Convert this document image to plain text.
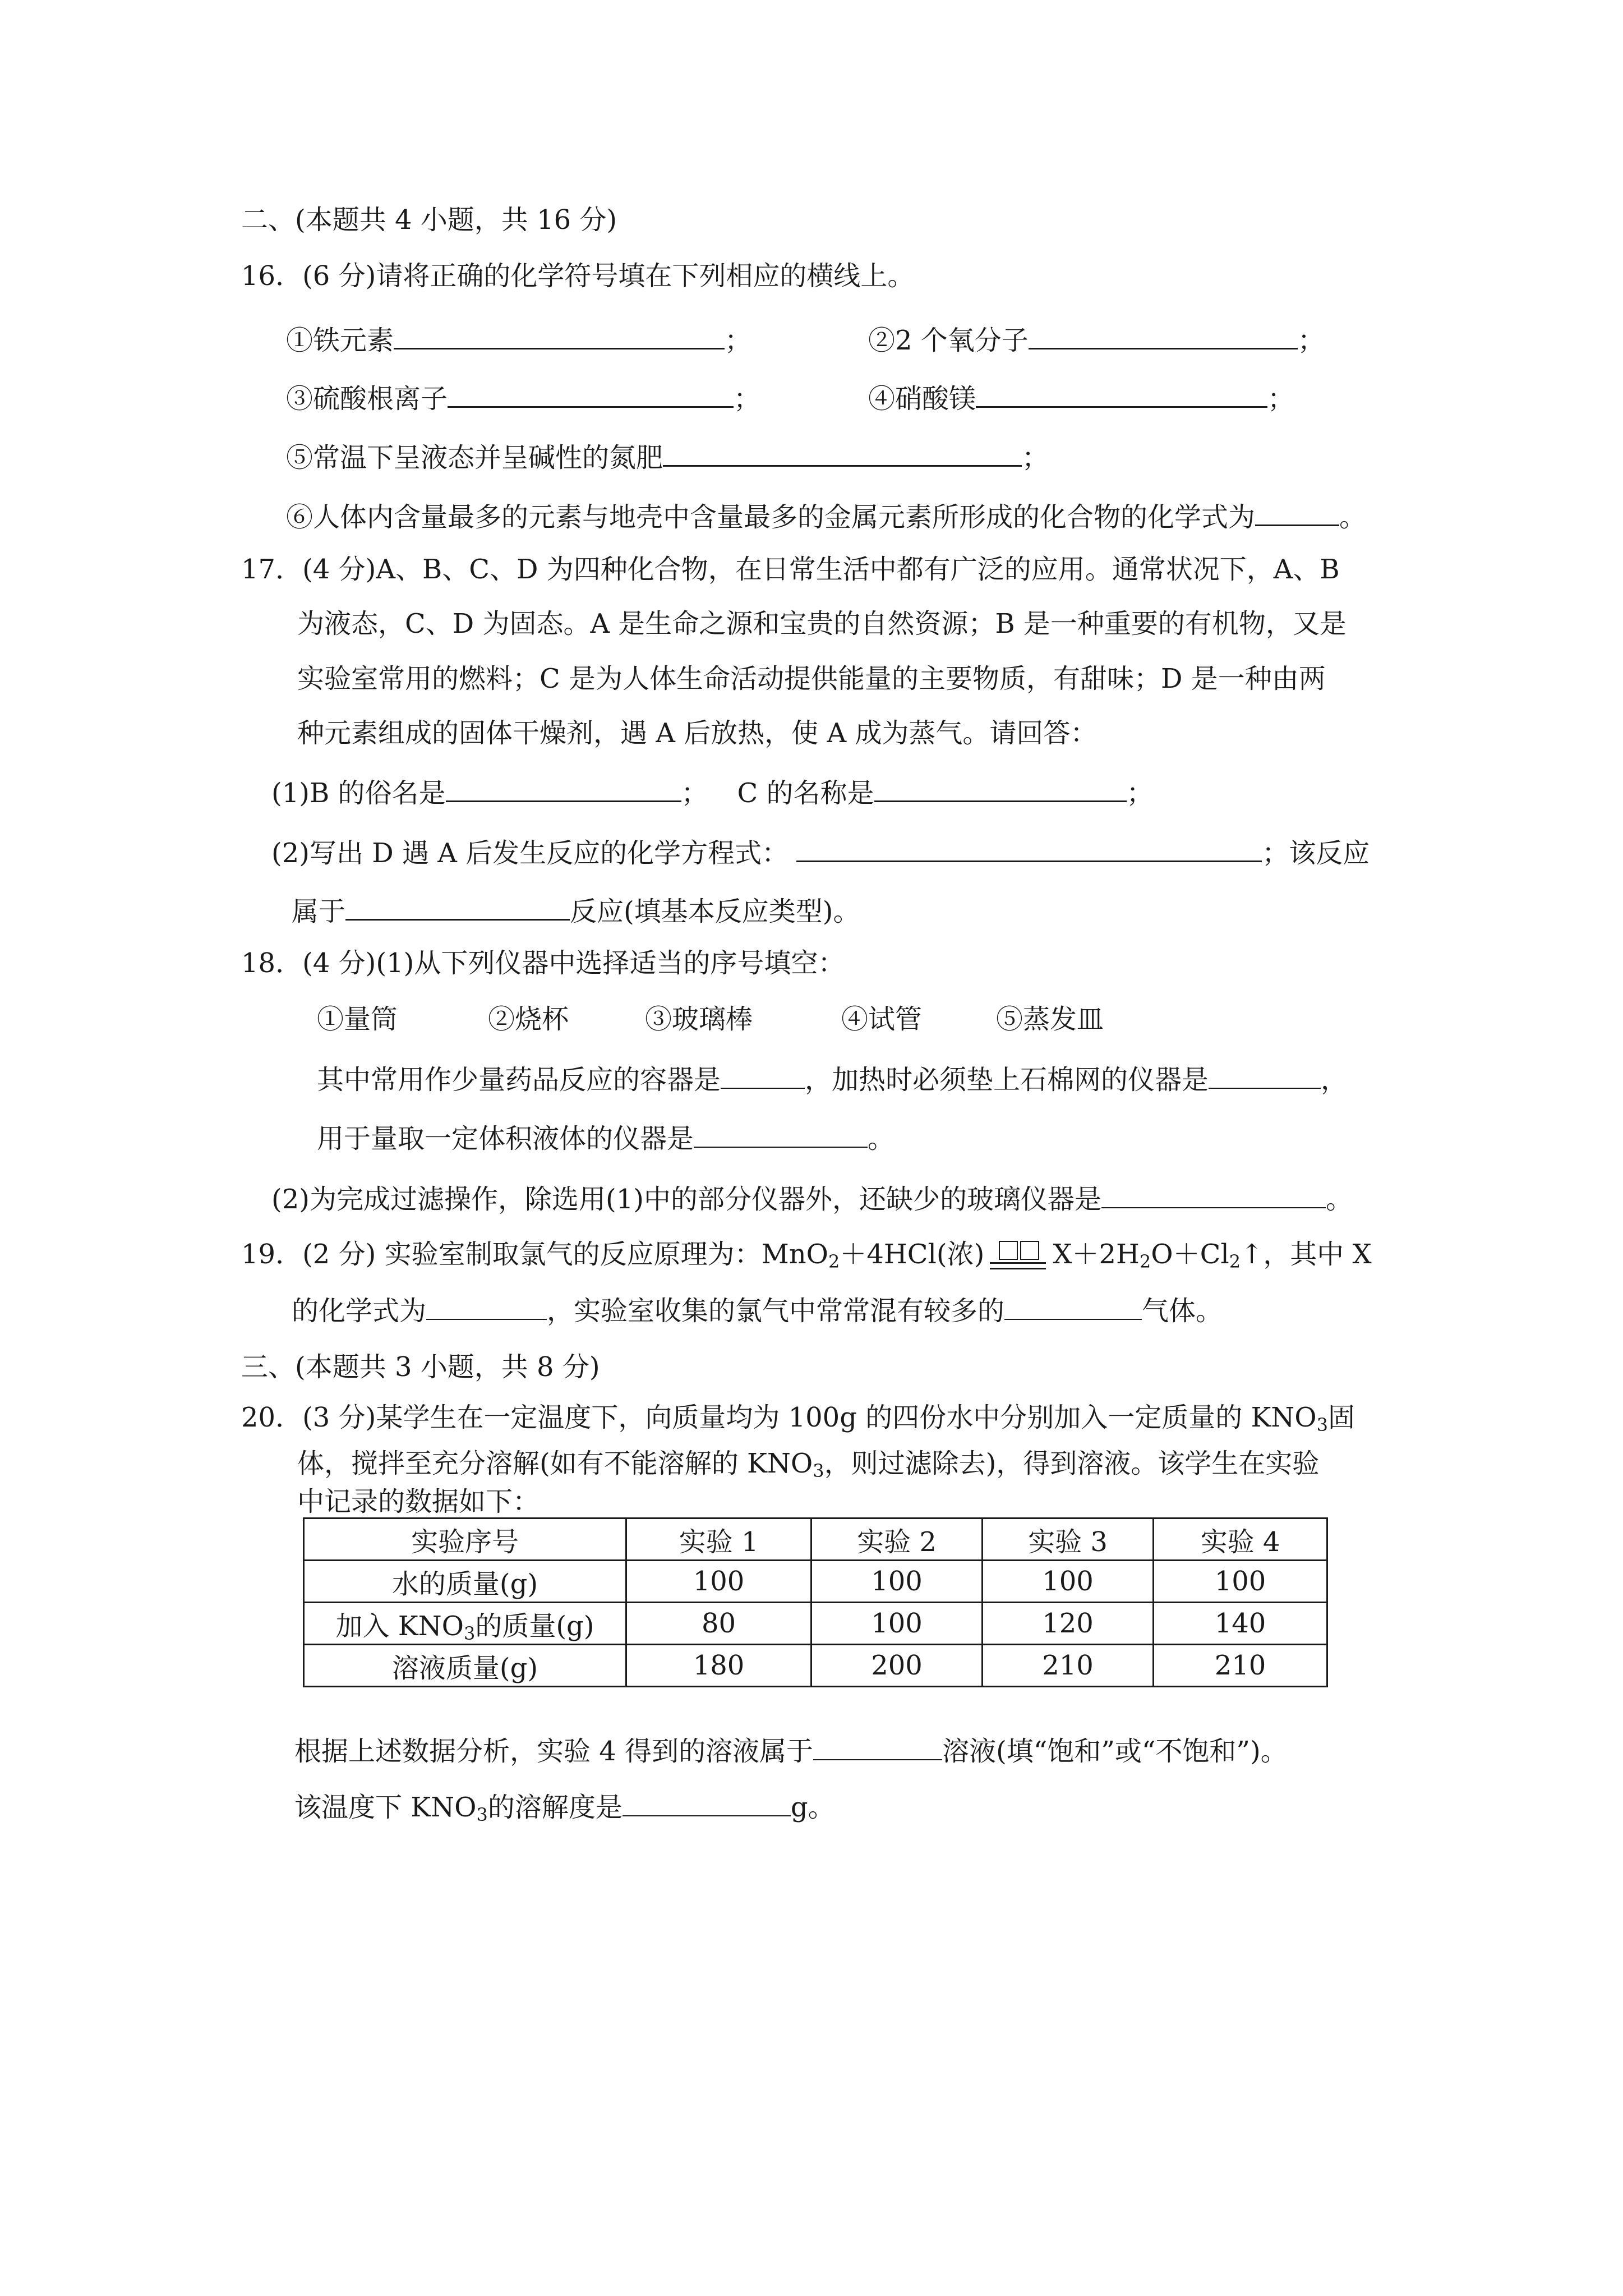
二、(本题共 4 小题，共 16 分)
16．(6 分)请将正确的化学符号填在下列相应的横线上。
①铁元素	；	②2 个氧分子	；
③硫酸根离子	；	④硝酸镁	；
⑤常温下呈液态并呈碱性的氮肥	；
⑥人体内含量最多的元素与地壳中含量最多的金属元素所形成的化合物的化学式为	。
17．(4 分)A、B、C、D 为四种化合物，在日常生活中都有广泛的应用。通常状况下，A、B
为液态，C、D 为固态。A 是生命之源和宝贵的自然资源；B 是一种重要的有机物，又是
实验室常用的燃料；C 是为人体生命活动提供能量的主要物质，有甜味；D 是一种由两
种元素组成的固体干燥剂，遇 A 后放热，使 A 成为蒸气。请回答：
(1)B 的俗名是	； C 的名称是	；
(2)写出 D 遇 A 后发生反应的化学方程式：	；该反应
属于	反应(填基本反应类型)。
18．(4 分)(1)从下列仪器中选择适当的序号填空：
①量筒	②烧杯	③玻璃棒	④试管	⑤蒸发皿
其中常用作少量药品反应的容器是	，加热时必须垫上石棉网的仪器是	，
用于量取一定体积液体的仪器是	。
(2)为完成过滤操作，除选用(1)中的部分仪器外，还缺少的玻璃仪器是	。
19．(2 分) 实验室制取氯气的反应原理为：MnO$_2$＋4HCl(浓)	$X+2H_2O+Cl_2↑$，其中 X
的化学式为	，实验室收集的氯气中常常混有较多的	气体。
三、(本题共 3 小题，共 8 分)
20．(3 分)某学生在一定温度下，向质量均为 100g 的四份水中分别加入一定质量的 $KNO_3$固
体，搅拌至充分溶解(如有不能溶解的 $KNO_3$，则过滤除去)，得到溶液。该学生在实验
中记录的数据如下：
实验序号	实验 1	实验 2	实验 3	实验 4
水的质量(g)	100	100	100	100
加入 $KNO_3$的质量(g)	80	100	120	140
溶液质量(g)	180	200	210	210
根据上述数据分析，实验 4 得到的溶液属于	溶液(填“饱和”或“不饱和”)。
该温度下 $KNO_3$的溶解度是	g。
